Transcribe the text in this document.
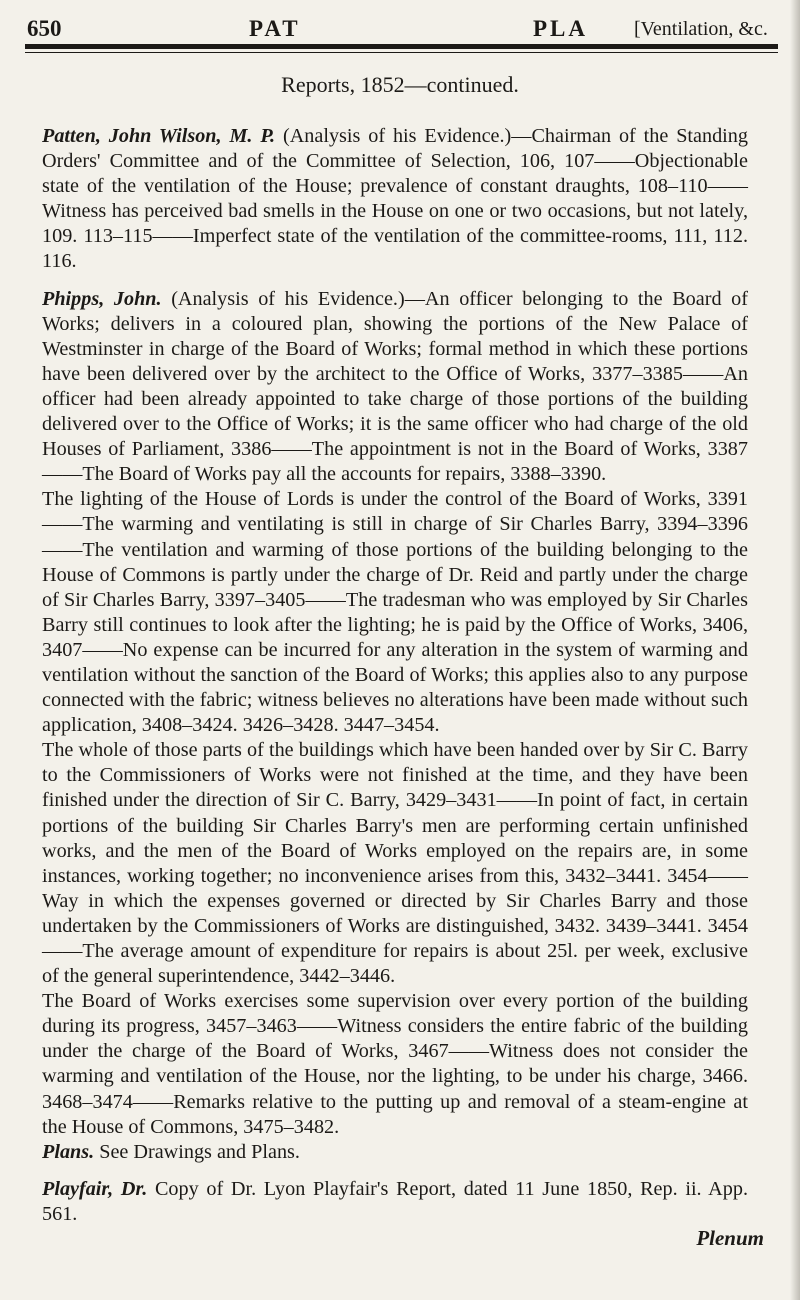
650	PAT	PLA [Ventilation, &c.
Reports, 1852—continued.

Patten, John Wilson, M. P. (Analysis of his Evidence.)—Chairman of the Standing Orders' Committee and of the Committee of Selection, 106, 107——Objectionable state of the ventilation of the House; prevalence of constant draughts, 108–110——Witness has perceived bad smells in the House on one or two occasions, but not lately, 109. 113–115——Imperfect state of the ventilation of the committee-rooms, 111, 112. 116.

Phipps, John. (Analysis of his Evidence.)—An officer belonging to the Board of Works; delivers in a coloured plan, showing the portions of the New Palace of Westminster in charge of the Board of Works; formal method in which these portions have been delivered over by the architect to the Office of Works, 3377–3385——An officer had been already appointed to take charge of those portions of the building delivered over to the Office of Works; it is the same officer who had charge of the old Houses of Parliament, 3386——The appointment is not in the Board of Works, 3387——The Board of Works pay all the accounts for repairs, 3388–3390.

The lighting of the House of Lords is under the control of the Board of Works, 3391——The warming and ventilating is still in charge of Sir Charles Barry, 3394–3396——The ventilation and warming of those portions of the building belonging to the House of Commons is partly under the charge of Dr. Reid and partly under the charge of Sir Charles Barry, 3397–3405——The tradesman who was employed by Sir Charles Barry still continues to look after the lighting; he is paid by the Office of Works, 3406, 3407——No expense can be incurred for any alteration in the system of warming and ventilation without the sanction of the Board of Works; this applies also to any purpose connected with the fabric; witness believes no alterations have been made without such application, 3408–3424. 3426–3428. 3447–3454.

The whole of those parts of the buildings which have been handed over by Sir C. Barry to the Commissioners of Works were not finished at the time, and they have been finished under the direction of Sir C. Barry, 3429–3431——In point of fact, in certain portions of the building Sir Charles Barry's men are performing certain unfinished works, and the men of the Board of Works employed on the repairs are, in some instances, working together; no inconvenience arises from this, 3432–3441. 3454——Way in which the expenses governed or directed by Sir Charles Barry and those undertaken by the Commissioners of Works are distinguished, 3432. 3439–3441. 3454——The average amount of expenditure for repairs is about 25l. per week, exclusive of the general superintendence, 3442–3446.

The Board of Works exercises some supervision over every portion of the building during its progress, 3457–3463——Witness considers the entire fabric of the building under the charge of the Board of Works, 3467——Witness does not consider the warming and ventilation of the House, nor the lighting, to be under his charge, 3466. 3468–3474——Remarks relative to the putting up and removal of a steam-engine at the House of Commons, 3475–3482.

Plans. See Drawings and Plans.

Playfair, Dr. Copy of Dr. Lyon Playfair's Report, dated 11 June 1850, Rep. ii. App. 561.

Plenum
